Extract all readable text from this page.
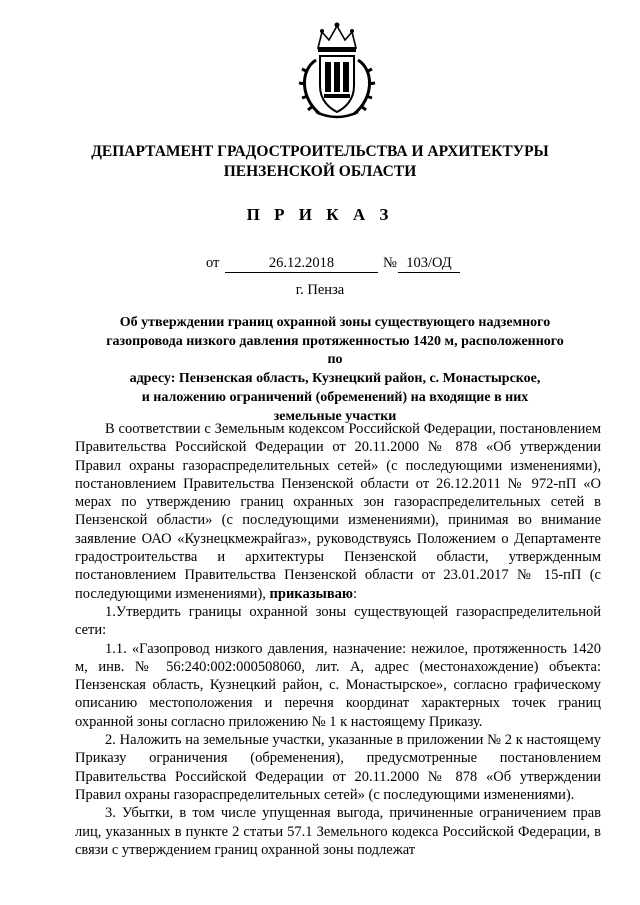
ДЕПАРТАМЕНТ ГРАДОСТРОИТЕЛЬСТВА И АРХИТЕКТУРЫ
ПЕНЗЕНСКОЙ ОБЛАСТИ
П Р И К А З
от	26.12.2018	№ 103/ОД
г. Пенза
Об утверждении границ охранной зоны существующего надземного
газопровода низкого давления протяженностью 1420 м, расположенного по
адресу: Пензенская область, Кузнецкий район, с. Монастырское,
и наложению ограничений (обременений) на входящие в них
земельные участки

В соответствии с Земельным кодексом Российской Федерации, постановлением Правительства Российской Федерации от 20.11.2000 № 878 «Об утверждении Правил охраны газораспределительных сетей» (с последующими изменениями), постановлением Правительства Пензенской области от 26.12.2011 № 972-пП «О мерах по утверждению границ охранных зон газораспределительных сетей в Пензенской области» (с последующими изменениями), принимая во внимание заявление ОАО «Кузнецкмежрайгаз», руководствуясь Положением о Департаменте градостроительства и архитектуры Пензенской области, утвержденным постановлением Правительства Пензенской области от 23.01.2017 № 15-пП (с последующими изменениями), приказываю:

1.Утвердить границы охранной зоны существующей газораспределительной сети:

1.1. «Газопровод низкого давления, назначение: нежилое, протяженность 1420 м, инв. № 56:240:002:000508060, лит. А, адрес (местонахождение) объекта: Пензенская область, Кузнецкий район, с. Монастырское», согласно графическому описанию местоположения и перечня координат характерных точек границ охранной зоны согласно приложению № 1 к настоящему Приказу.

2. Наложить на земельные участки, указанные в приложении № 2 к настоящему Приказу ограничения (обременения), предусмотренные постановлением Правительства Российской Федерации от 20.11.2000 № 878 «Об утверждении Правил охраны газораспределительных сетей» (с последующими изменениями).

3. Убытки, в том числе упущенная выгода, причиненные ограничением прав лиц, указанных в пункте 2 статьи 57.1 Земельного кодекса Российской Федерации, в связи с утверждением границ охранной зоны подлежат
